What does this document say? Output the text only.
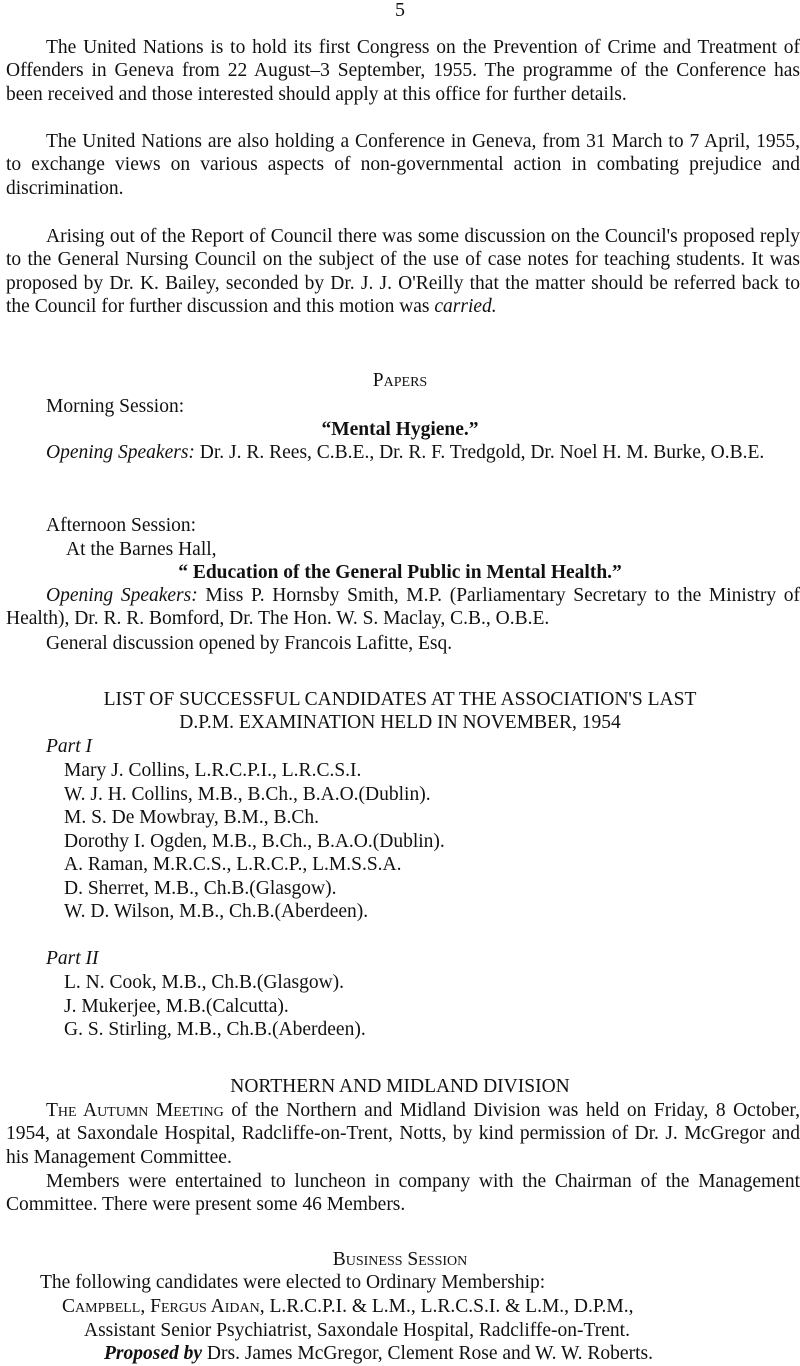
5
The United Nations is to hold its first Congress on the Prevention of Crime and Treatment of Offenders in Geneva from 22 August–3 September, 1955. The programme of the Conference has been received and those interested should apply at this office for further details.
The United Nations are also holding a Conference in Geneva, from 31 March to 7 April, 1955, to exchange views on various aspects of non-governmental action in combating prejudice and discrimination.
Arising out of the Report of Council there was some discussion on the Council's proposed reply to the General Nursing Council on the subject of the use of case notes for teaching students. It was proposed by Dr. K. Bailey, seconded by Dr. J. J. O'Reilly that the matter should be referred back to the Council for further discussion and this motion was carried.
Papers
Morning Session:
“Mental Hygiene.”
Opening Speakers: Dr. J. R. Rees, C.B.E., Dr. R. F. Tredgold, Dr. Noel H. M. Burke, O.B.E.
Afternoon Session:
At the Barnes Hall,
“ Education of the General Public in Mental Health.”
Opening Speakers: Miss P. Hornsby Smith, M.P. (Parliamentary Secretary to the Ministry of Health), Dr. R. R. Bomford, Dr. The Hon. W. S. Maclay, C.B., O.B.E.
General discussion opened by Francois Lafitte, Esq.
LIST OF SUCCESSFUL CANDIDATES AT THE ASSOCIATION'S LAST
D.P.M. EXAMINATION HELD IN NOVEMBER, 1954
Part I
Mary J. Collins, L.R.C.P.I., L.R.C.S.I.
W. J. H. Collins, M.B., B.Ch., B.A.O.(Dublin).
M. S. De Mowbray, B.M., B.Ch.
Dorothy I. Ogden, M.B., B.Ch., B.A.O.(Dublin).
A. Raman, M.R.C.S., L.R.C.P., L.M.S.S.A.
D. Sherret, M.B., Ch.B.(Glasgow).
W. D. Wilson, M.B., Ch.B.(Aberdeen).
Part II
L. N. Cook, M.B., Ch.B.(Glasgow).
J. Mukerjee, M.B.(Calcutta).
G. S. Stirling, M.B., Ch.B.(Aberdeen).
NORTHERN AND MIDLAND DIVISION
The Autumn Meeting of the Northern and Midland Division was held on Friday, 8 October, 1954, at Saxondale Hospital, Radcliffe-on-Trent, Notts, by kind permission of Dr. J. McGregor and his Management Committee.
Members were entertained to luncheon in company with the Chairman of the Management Committee. There were present some 46 Members.
Business Session
The following candidates were elected to Ordinary Membership:
Campbell, Fergus Aidan, L.R.C.P.I. & L.M., L.R.C.S.I. & L.M., D.P.M.,
Assistant Senior Psychiatrist, Saxondale Hospital, Radcliffe-on-Trent.
Proposed by Drs. James McGregor, Clement Rose and W. W. Roberts.
